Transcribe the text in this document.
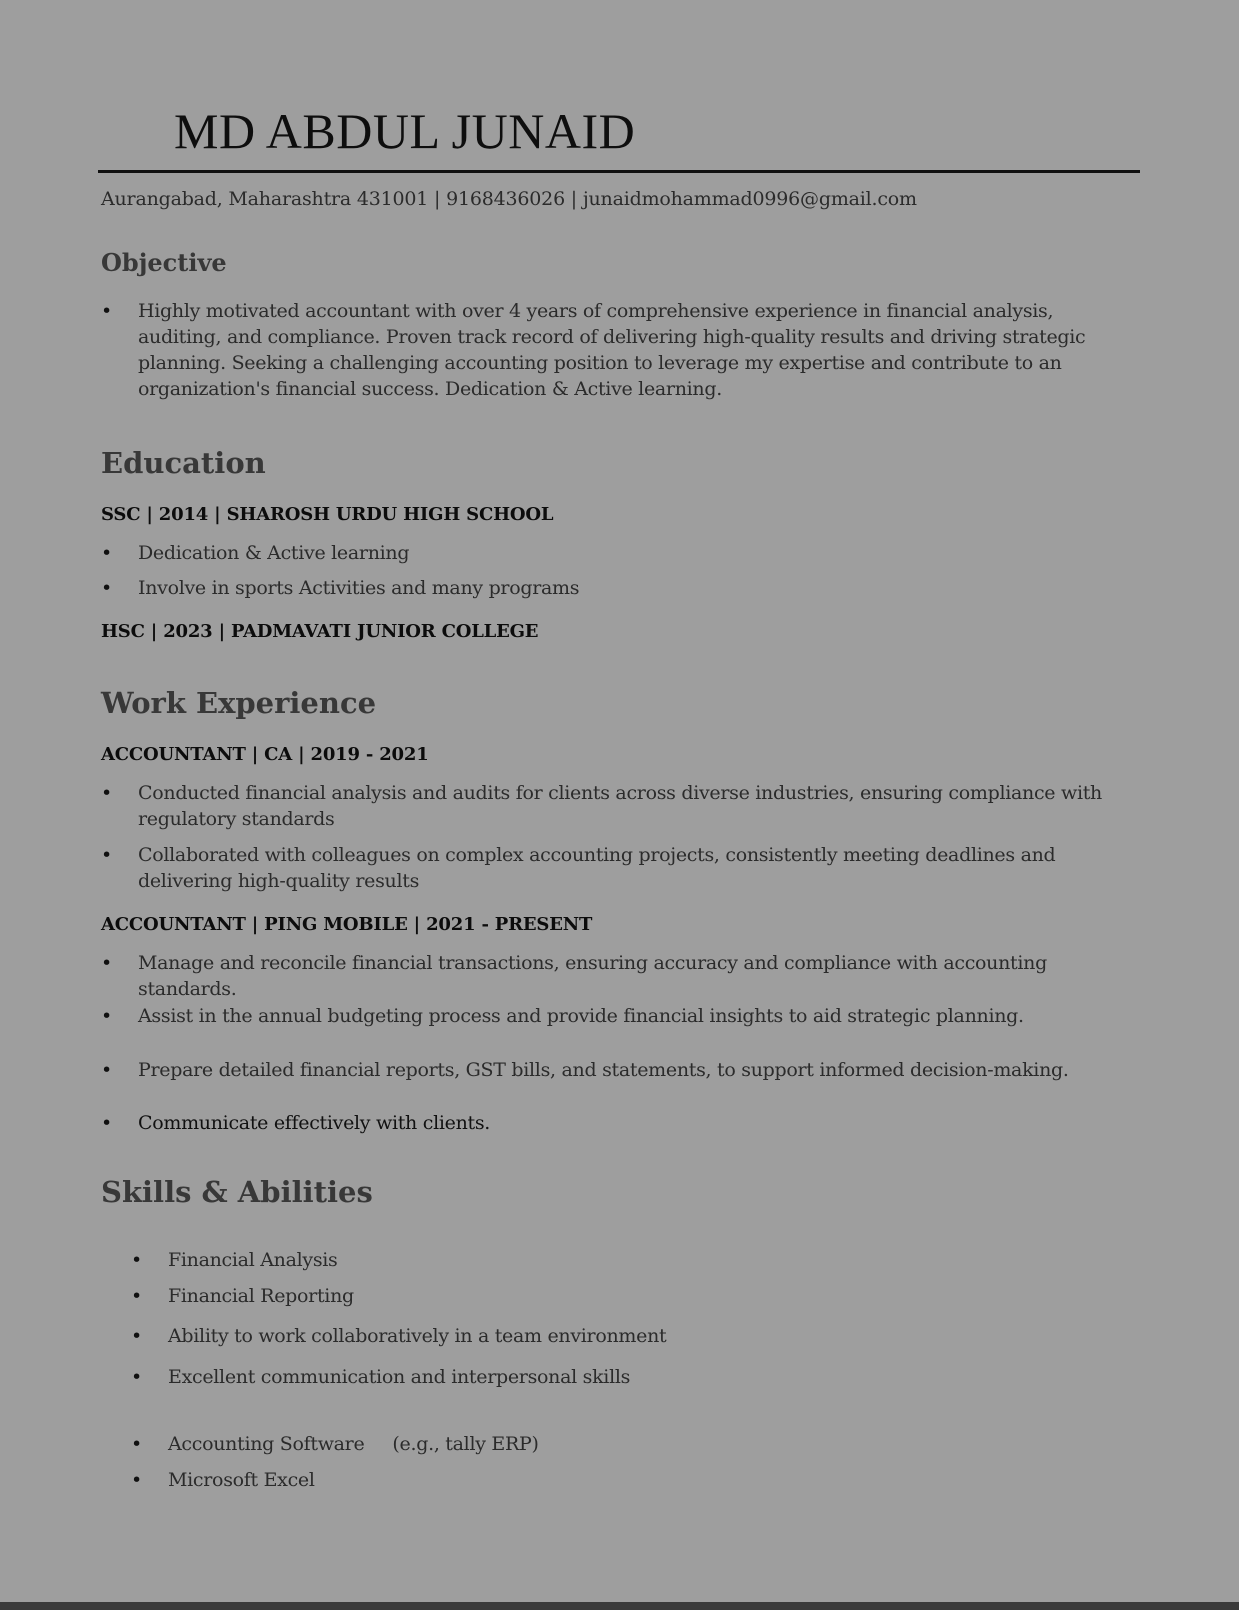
MD ABDUL JUNAID
Aurangabad, Maharashtra 431001 | 9168436026 | junaidmohammad0996@gmail.com
Objective
• Highly motivated accountant with over 4 years of comprehensive experience in financial analysis, auditing, and compliance. Proven track record of delivering high-quality results and driving strategic planning. Seeking a challenging accounting position to leverage my expertise and contribute to an organization's financial success. Dedication & Active learning.
Education
SSC | 2014 | SHAROSH URDU HIGH SCHOOL
• Dedication & Active learning
• Involve in sports Activities and many programs
HSC | 2023 | PADMAVATI JUNIOR COLLEGE
Work Experience
ACCOUNTANT | CA | 2019 - 2021
• Conducted financial analysis and audits for clients across diverse industries, ensuring compliance with regulatory standards
• Collaborated with colleagues on complex accounting projects, consistently meeting deadlines and delivering high-quality results
ACCOUNTANT | PING MOBILE | 2021 - PRESENT
• Manage and reconcile financial transactions, ensuring accuracy and compliance with accounting standards.
• Assist in the annual budgeting process and provide financial insights to aid strategic planning.
• Prepare detailed financial reports, GST bills, and statements, to support informed decision-making.
• Communicate effectively with clients.
Skills & Abilities
• Financial Analysis
• Financial Reporting
• Ability to work collaboratively in a team environment
• Excellent communication and interpersonal skills
• Accounting Software (e.g., tally ERP)
• Microsoft Excel
